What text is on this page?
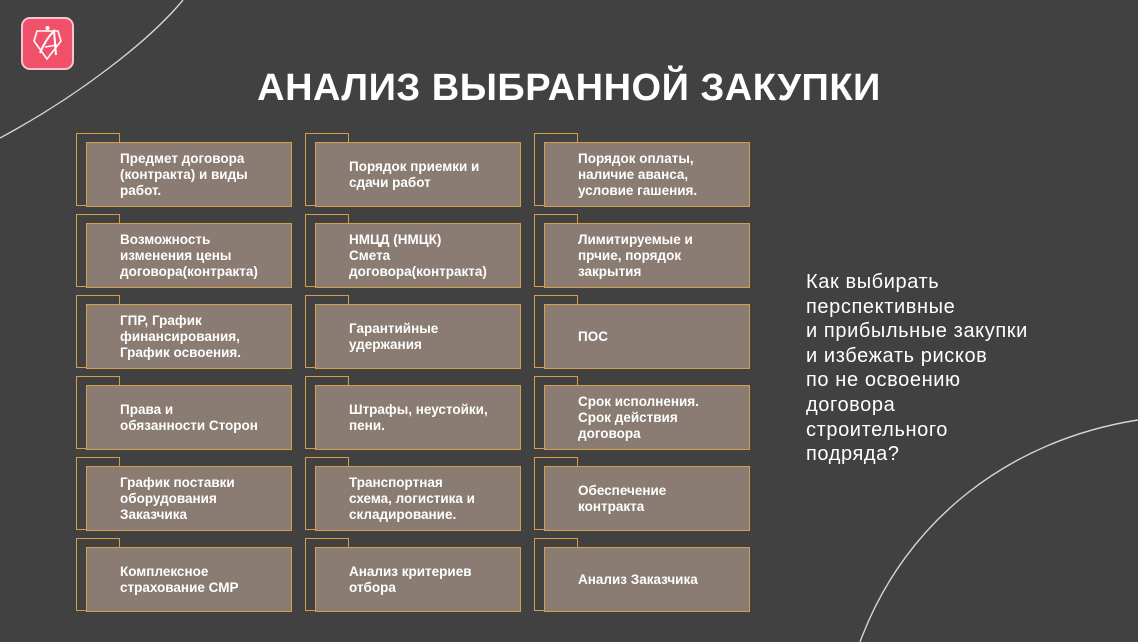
АНАЛИЗ ВЫБРАННОЙ ЗАКУПКИ
Предмет договора
(контракта) и виды
работ.
Порядок приемки и
сдачи работ
Порядок оплаты,
наличие аванса,
условие гашения.
Возможность
изменения цены
договора(контракта)
НМЦД (НМЦК)
Смета
договора(контракта)
Лимитируемые и
прчие, порядок
закрытия
ГПР, График
финансирования,
График освоения.
Гарантийные
удержания
ПОС
Права и
обязанности Сторон
Штрафы, неустойки,
пени.
Срок исполнения.
Срок действия
договора
График поставки
оборудования
Заказчика
Транспортная
схема, логистика и
складирование.
Обеспечение
контракта
Комплексное
страхование СМР
Анализ критериев
отбора
Анализ Заказчика
Как выбирать
перспективные
и прибыльные закупки
и избежать рисков
по не освоению
договора
строительного
подряда?
